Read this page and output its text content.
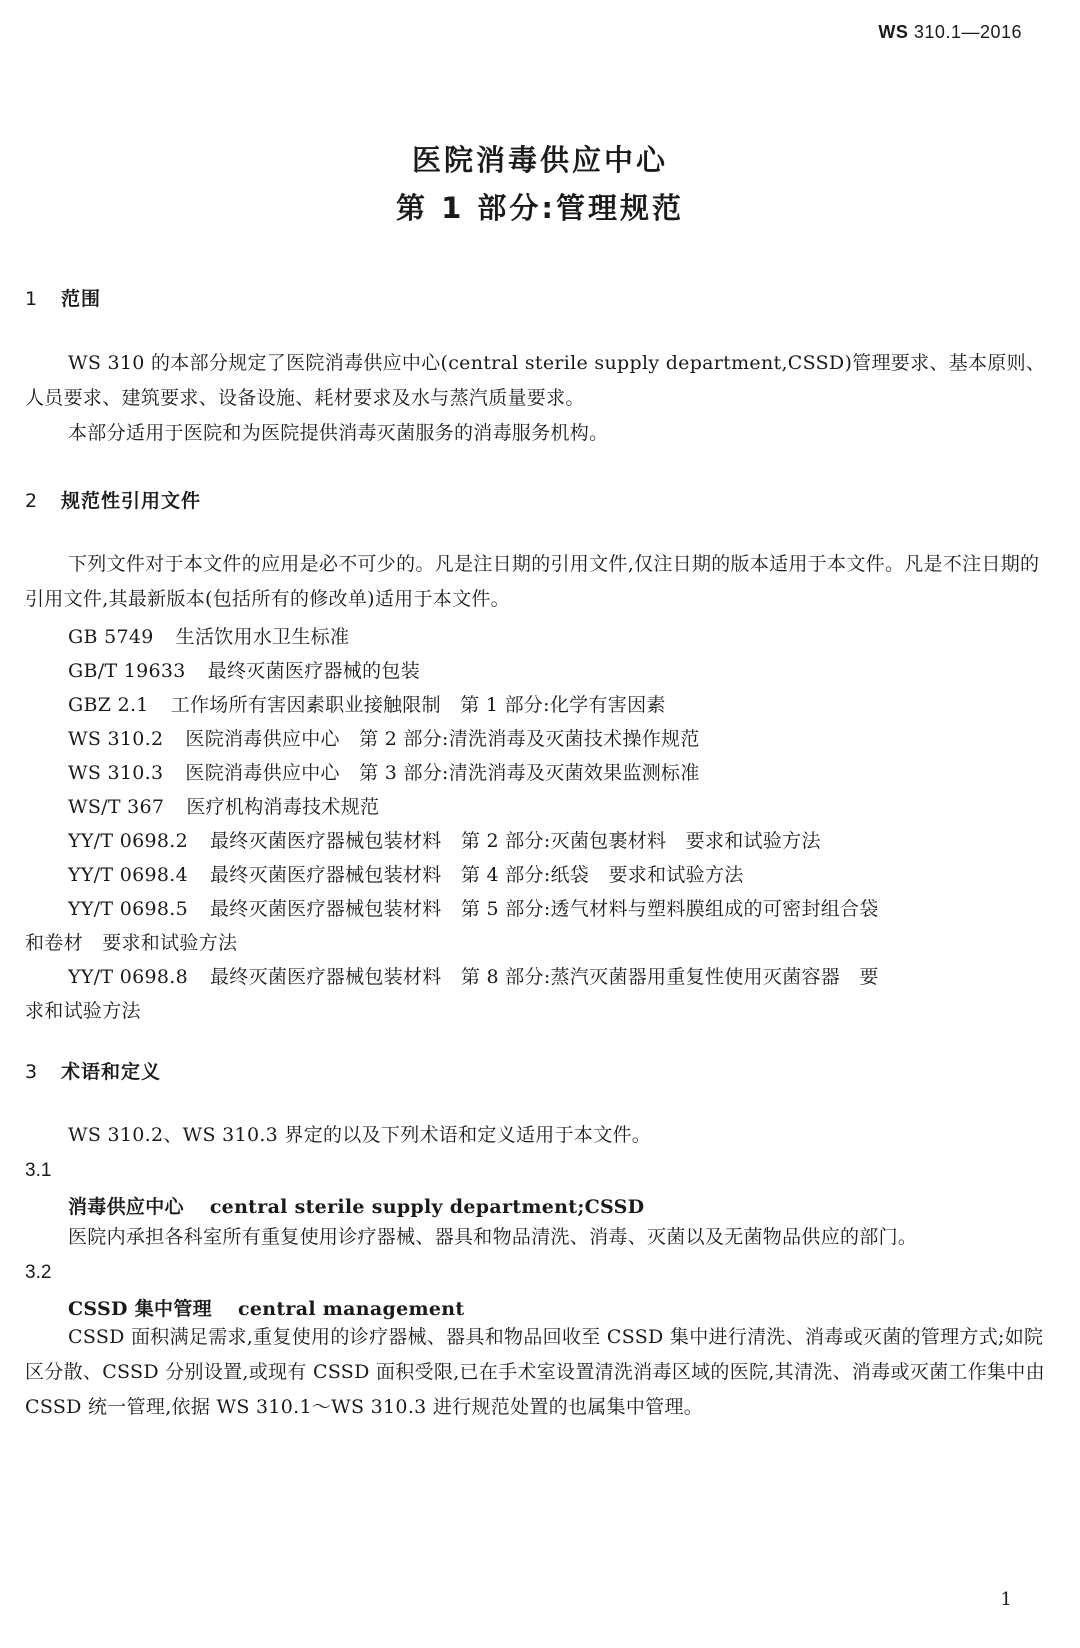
WS 310.1—2016
医院消毒供应中心
第 1 部分:管理规范
1 范围
WS 310 的本部分规定了医院消毒供应中心(central sterile supply department,CSSD)管理要求、基本原则、人员要求、建筑要求、设备设施、耗材要求及水与蒸汽质量要求。
本部分适用于医院和为医院提供消毒灭菌服务的消毒服务机构。
2 规范性引用文件
下列文件对于本文件的应用是必不可少的。凡是注日期的引用文件,仅注日期的版本适用于本文件。凡是不注日期的引用文件,其最新版本(包括所有的修改单)适用于本文件。
GB 5749 生活饮用水卫生标准
GB/T 19633 最终灭菌医疗器械的包装
GBZ 2.1 工作场所有害因素职业接触限制　第 1 部分:化学有害因素
WS 310.2 医院消毒供应中心　第 2 部分:清洗消毒及灭菌技术操作规范
WS 310.3 医院消毒供应中心　第 3 部分:清洗消毒及灭菌效果监测标准
WS/T 367 医疗机构消毒技术规范
YY/T 0698.2 最终灭菌医疗器械包装材料　第 2 部分:灭菌包裹材料　要求和试验方法
YY/T 0698.4 最终灭菌医疗器械包装材料　第 4 部分:纸袋　要求和试验方法
YY/T 0698.5 最终灭菌医疗器械包装材料　第 5 部分:透气材料与塑料膜组成的可密封组合袋
和卷材　要求和试验方法
YY/T 0698.8 最终灭菌医疗器械包装材料　第 8 部分:蒸汽灭菌器用重复性使用灭菌容器　要
求和试验方法
3 术语和定义
WS 310.2、WS 310.3 界定的以及下列术语和定义适用于本文件。
3.1
消毒供应中心 central sterile supply department;CSSD
医院内承担各科室所有重复使用诊疗器械、器具和物品清洗、消毒、灭菌以及无菌物品供应的部门。
3.2
CSSD 集中管理 central management
CSSD 面积满足需求,重复使用的诊疗器械、器具和物品回收至 CSSD 集中进行清洗、消毒或灭菌的管理方式;如院区分散、CSSD 分别设置,或现有 CSSD 面积受限,已在手术室设置清洗消毒区域的医院,其清洗、消毒或灭菌工作集中由 CSSD 统一管理,依据 WS 310.1～WS 310.3 进行规范处置的也属集中管理。
1
